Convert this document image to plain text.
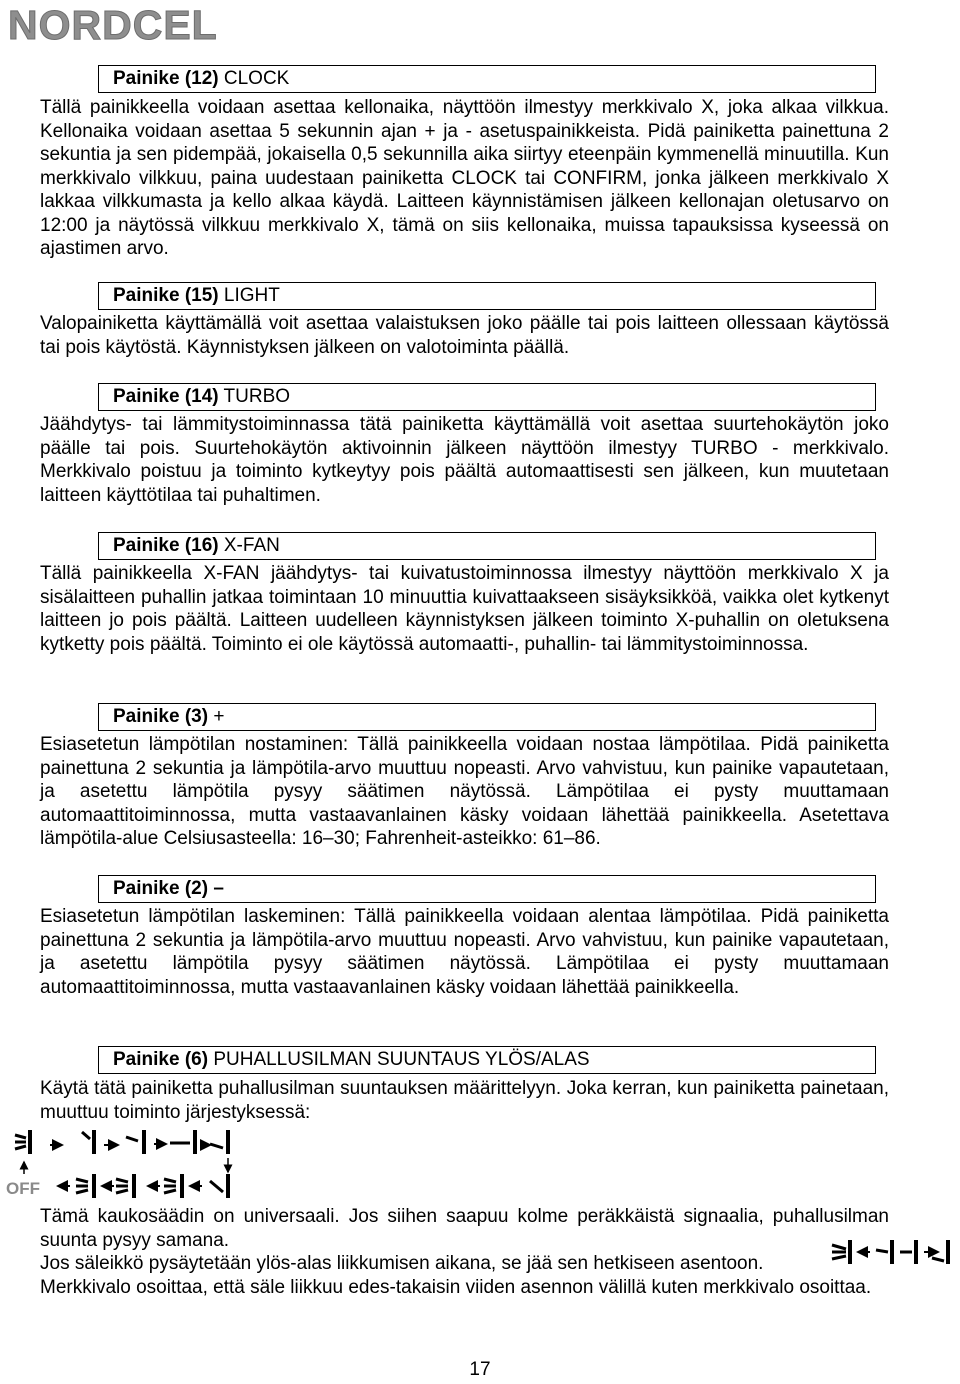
NORDCEL
Painike (12) CLOCK

Tällä painikkeella voidaan asettaa kellonaika, näyttöön ilmestyy merkkivalo X, joka alkaa vilkkua. Kellonaika voidaan asettaa 5 sekunnin ajan + ja - asetuspainikkeista. Pidä painiketta painettuna 2 sekuntia ja sen pidempää, jokaisella 0,5 sekunnilla aika siirtyy eteenpäin kymmenellä minuutilla. Kun merkkivalo vilkkuu, paina uudestaan painiketta CLOCK tai CONFIRM, jonka jälkeen merkkivalo X lakkaa vilkkumasta ja kello alkaa käydä. Laitteen käynnistämisen jälkeen kellonajan oletusarvo on 12:00 ja näytössä vilkkuu merkkivalo X, tämä on siis kellonaika, muissa tapauksissa kyseessä on ajastimen arvo.

Painike (15) LIGHT

Valopainiketta käyttämällä voit asettaa valaistuksen joko päälle tai pois laitteen ollessaan käytössä tai pois käytöstä. Käynnistyksen jälkeen on valotoiminta päällä.

Painike (14) TURBO

Jäähdytys- tai lämmitystoiminnassa tätä painiketta käyttämällä voit asettaa suurtehokäytön joko päälle tai pois. Suurtehokäytön aktivoinnin jälkeen näyttöön ilmestyy TURBO - merkkivalo. Merkkivalo poistuu ja toiminto kytkeytyy pois päältä automaattisesti sen jälkeen, kun muutetaan laitteen käyttötilaa tai puhaltimen.

Painike (16) X-FAN

Tällä painikkeella X-FAN jäähdytys- tai kuivatustoiminnossa ilmestyy näyttöön merkkivalo X ja sisälaitteen puhallin jatkaa toimintaan 10 minuuttia kuivattaakseen sisäyksikköä, vaikka olet kytkenyt laitteen jo pois päältä. Laitteen uudelleen käynnistyksen jälkeen toiminto X-puhallin on oletuksena kytketty pois päältä. Toiminto ei ole käytössä automaatti-, puhallin- tai lämmitystoiminnossa.

Painike (3) +

Esiasetetun lämpötilan nostaminen: Tällä painikkeella voidaan nostaa lämpötilaa. Pidä painiketta painettuna 2 sekuntia ja lämpötila-arvo muuttuu nopeasti. Arvo vahvistuu, kun painike vapautetaan, ja asetettu lämpötila pysyy säätimen näytössä. Lämpötilaa ei pysty muuttamaan automaattitoiminnossa, mutta vastaavanlainen käsky voidaan lähettää painikkeella. Asetettava lämpötila-alue Celsiusasteella: 16–30; Fahrenheit-asteikko: 61–86.

Painike (2) –

Esiasetetun lämpötilan laskeminen: Tällä painikkeella voidaan alentaa lämpötilaa. Pidä painiketta painettuna 2 sekuntia ja lämpötila-arvo muuttuu nopeasti. Arvo vahvistuu, kun painike vapautetaan, ja asetettu lämpötila pysyy säätimen näytössä. Lämpötilaa ei pysty muuttamaan automaattitoiminnossa, mutta vastaavanlainen käsky voidaan lähettää painikkeella.

Painike (6) PUHALLUSILMAN SUUNTAUS YLÖS/ALAS

Käytä tätä painiketta puhallusilman suuntauksen määrittelyyn. Joka kerran, kun painiketta painetaan, muuttuu toiminto järjestyksessä:

OFF

Tämä kaukosäädin on universaali. Jos siihen saapuu kolme peräkkäistä signaalia, puhallusilman suunta pysyy samana.

Jos säleikkö pysäytetään ylös-alas liikkumisen aikana, se jää sen hetkiseen asentoon.

Merkkivalo osoittaa, että säle liikkuu edes-takaisin viiden asennon välillä kuten merkkivalo osoittaa.

17
